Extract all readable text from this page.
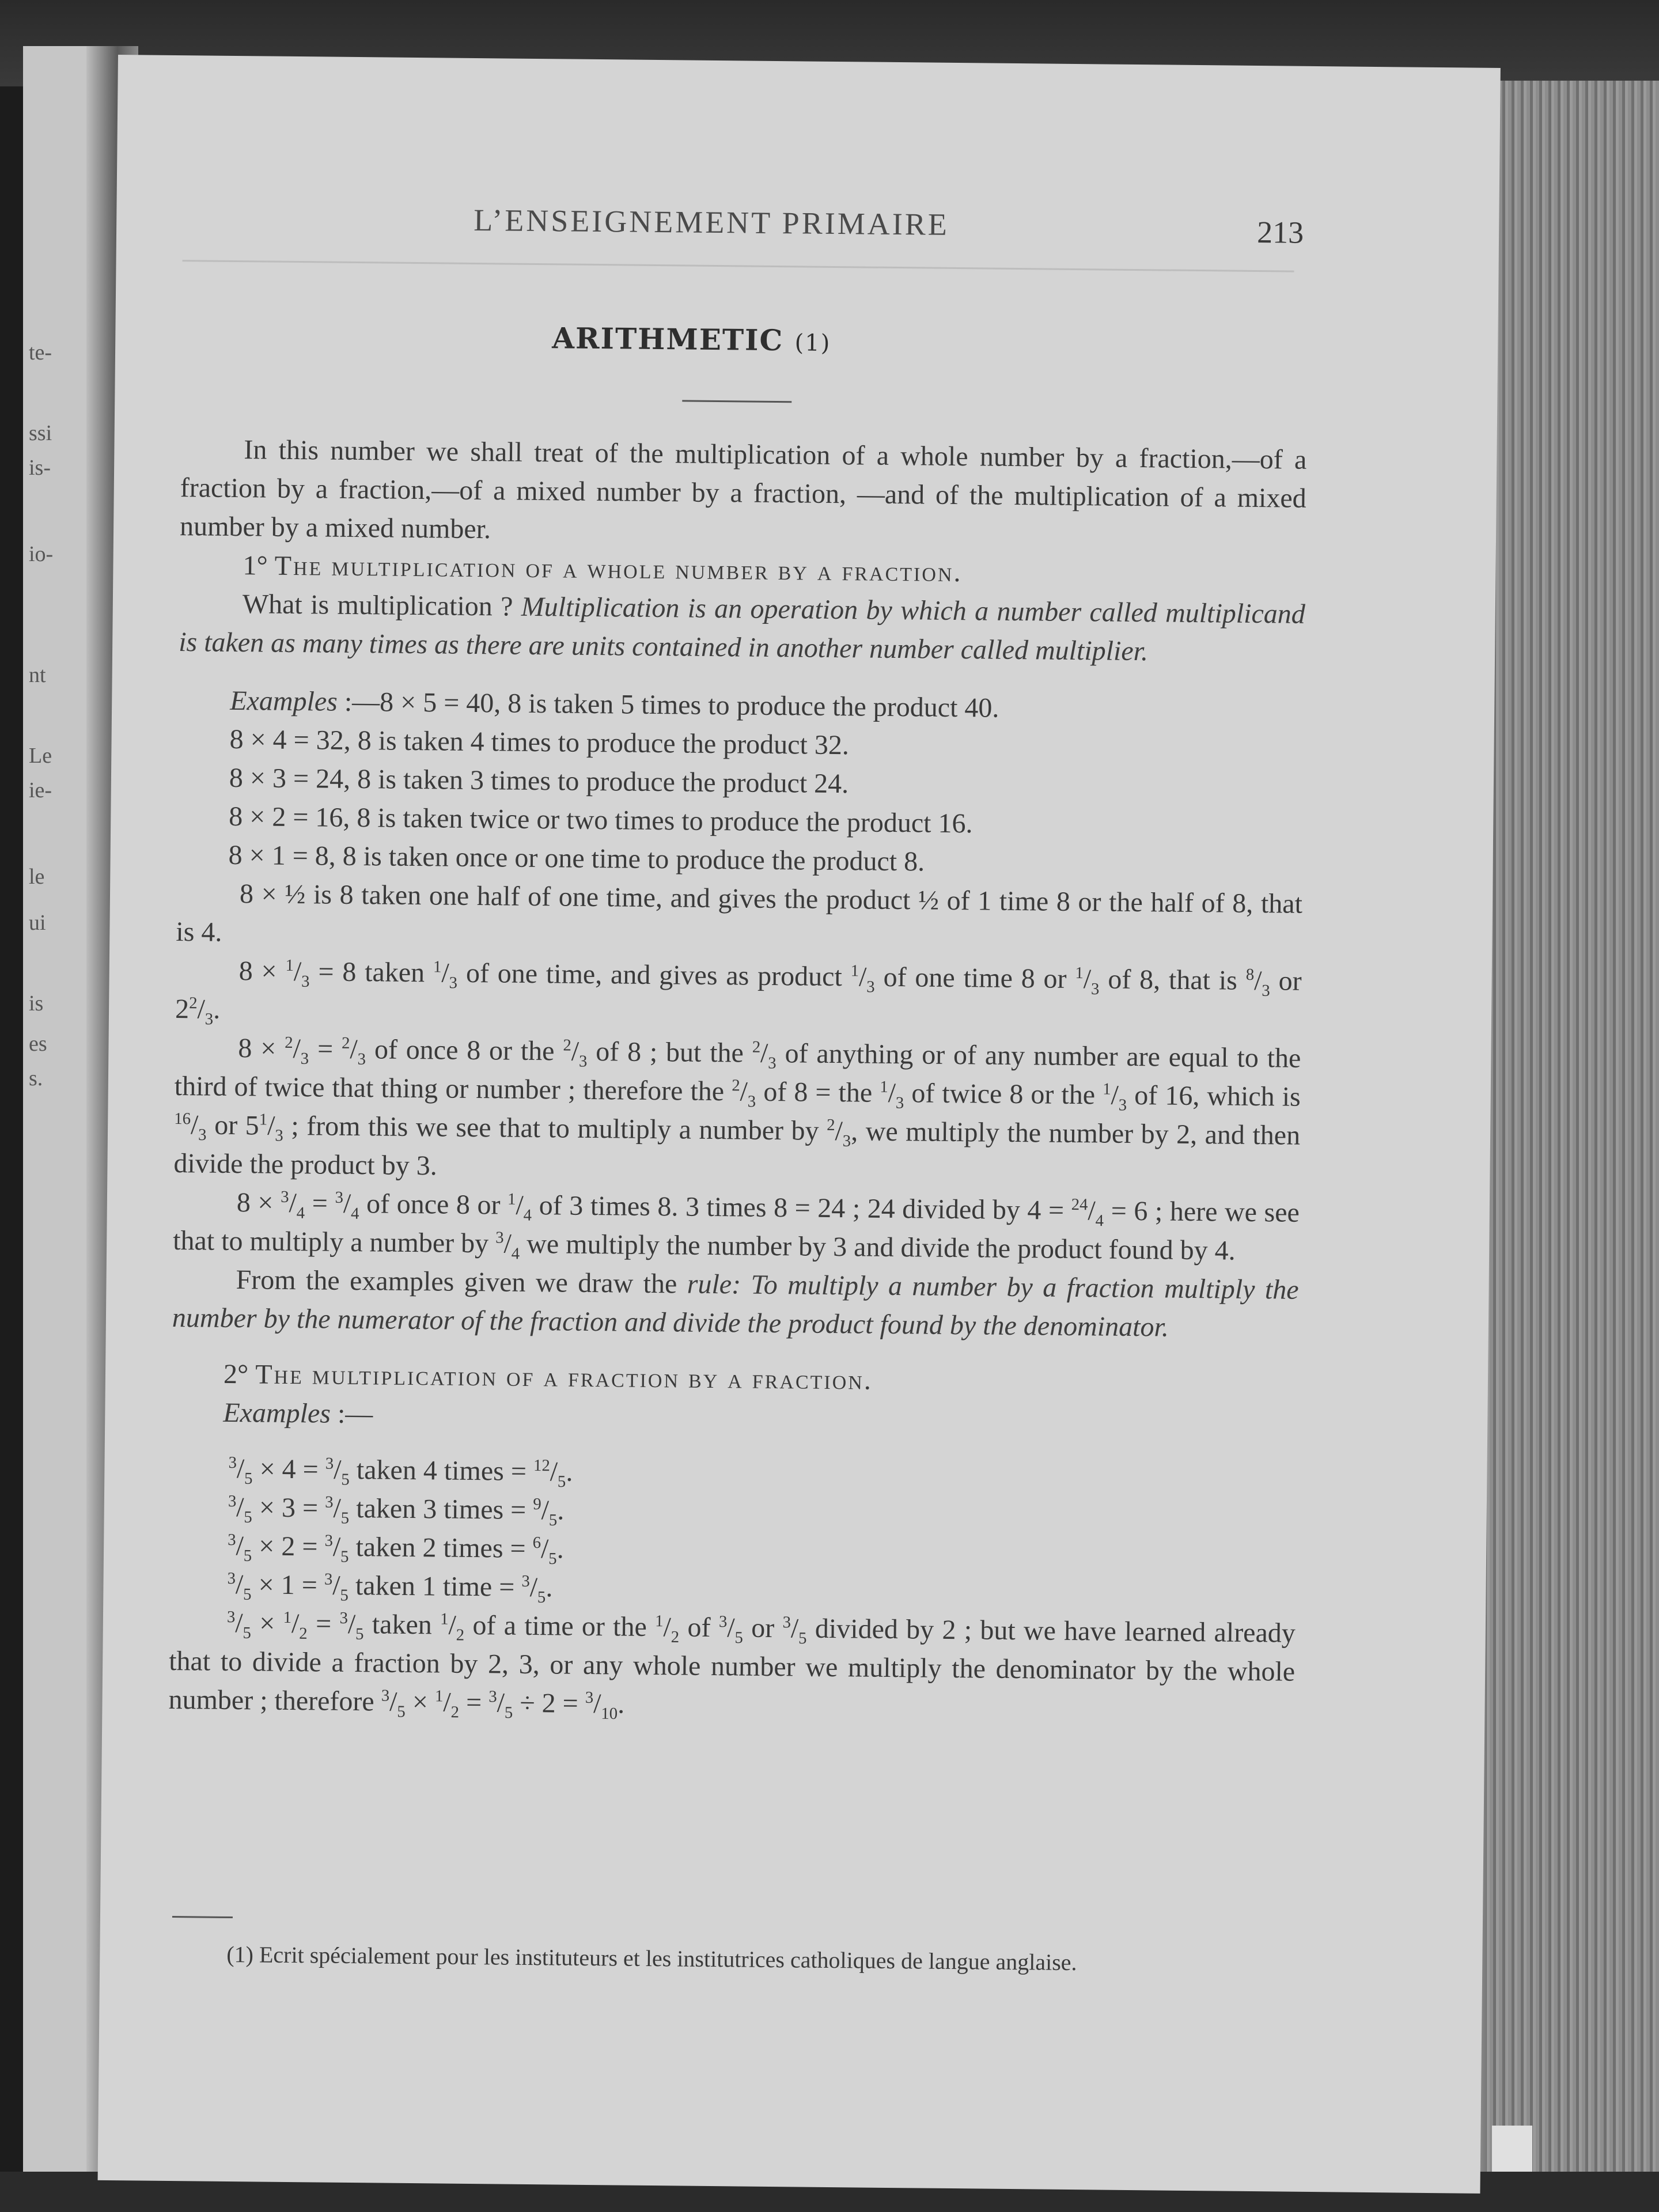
te-
ssi
is-
io-
nt
Le
ie-
le
ui
is
es
s.
L’ENSEIGNEMENT PRIMAIRE	213
ARITHMETIC (1)

In this number we shall treat of the multiplication of a whole number by a fraction,—of a fraction by a fraction,—of a mixed number by a fraction, —and of the multiplication of a mixed number by a mixed number.

1° The multiplication of a whole number by a fraction.

What is multiplication ? Multiplication is an operation by which a number called multiplicand is taken as many times as there are units contained in another number called multiplier.

Examples :—8 × 5 = 40, 8 is taken 5 times to produce the product 40.
8 × 4 = 32, 8 is taken 4 times to produce the product 32.
8 × 3 = 24, 8 is taken 3 times to produce the product 24.
8 × 2 = 16, 8 is taken twice or two times to produce the product 16.
8 × 1 = 8, 8 is taken once or one time to produce the product 8.

8 × ½ is 8 taken one half of one time, and gives the product ½ of 1 time 8 or the half of 8, that is 4.

$8 \times ^1/_3 = 8$ taken $^1/_3$ of one time, and gives as product $^1/_3$ of one time 8 or $^1/_3$ of 8, that is $^8/_3$ or $2^2/_3$.

$8 \times ^2/_3 = ^2/_3$ of once 8 or the $^2/_3$ of 8 ; but the $^2/_3$ of anything or of any number are equal to the third of twice that thing or number ; therefore the $^2/_3$ of 8 = the $^1/_3$ of twice 8 or the $^1/_3$ of 16, which is $^{16}/_3$ or $5^1/_3$ ; from this we see that to multiply a number by $^2/_3$, we multiply the number by 2, and then divide the product by 3.

$8 \times ^3/_4 = ^3/_4$ of once 8 or $^1/_4$ of 3 times 8. 3 times 8 = 24 ; 24 divided by $4 = ^{24}/_4 = 6$ ; here we see that to multiply a number by $^3/_4$ we multiply the number by 3 and divide the product found by 4.

From the examples given we draw the rule: To multiply a number by a fraction multiply the number by the numerator of the fraction and divide the product found by the denominator.

2° The multiplication of a fraction by a fraction.
Examples :—
$^3/_5 \times 4 = ^3/_5$ taken 4 times = $^{12}/_5$.
$^3/_5 \times 3 = ^3/_5$ taken 3 times = $^9/_5$.
$^3/_5 \times 2 = ^3/_5$ taken 2 times = $^6/_5$.
$^3/_5 \times 1 = ^3/_5$ taken 1 time = $^3/_5$.

$^3/_5 \times ^1/_2 = ^3/_5$ taken $^1/_2$ of a time or the $^1/_2$ of $^3/_5$ or $^3/_5$ divided by 2 ; but we have learned already that to divide a fraction by 2, 3, or any whole number we multiply the denominator by the whole number ; therefore $^3/_5 \times ^1/_2 = ^3/_5 \div 2 = ^3/_{10}$.

(1) Ecrit spécialement pour les instituteurs et les institutrices catholiques de langue anglaise.
